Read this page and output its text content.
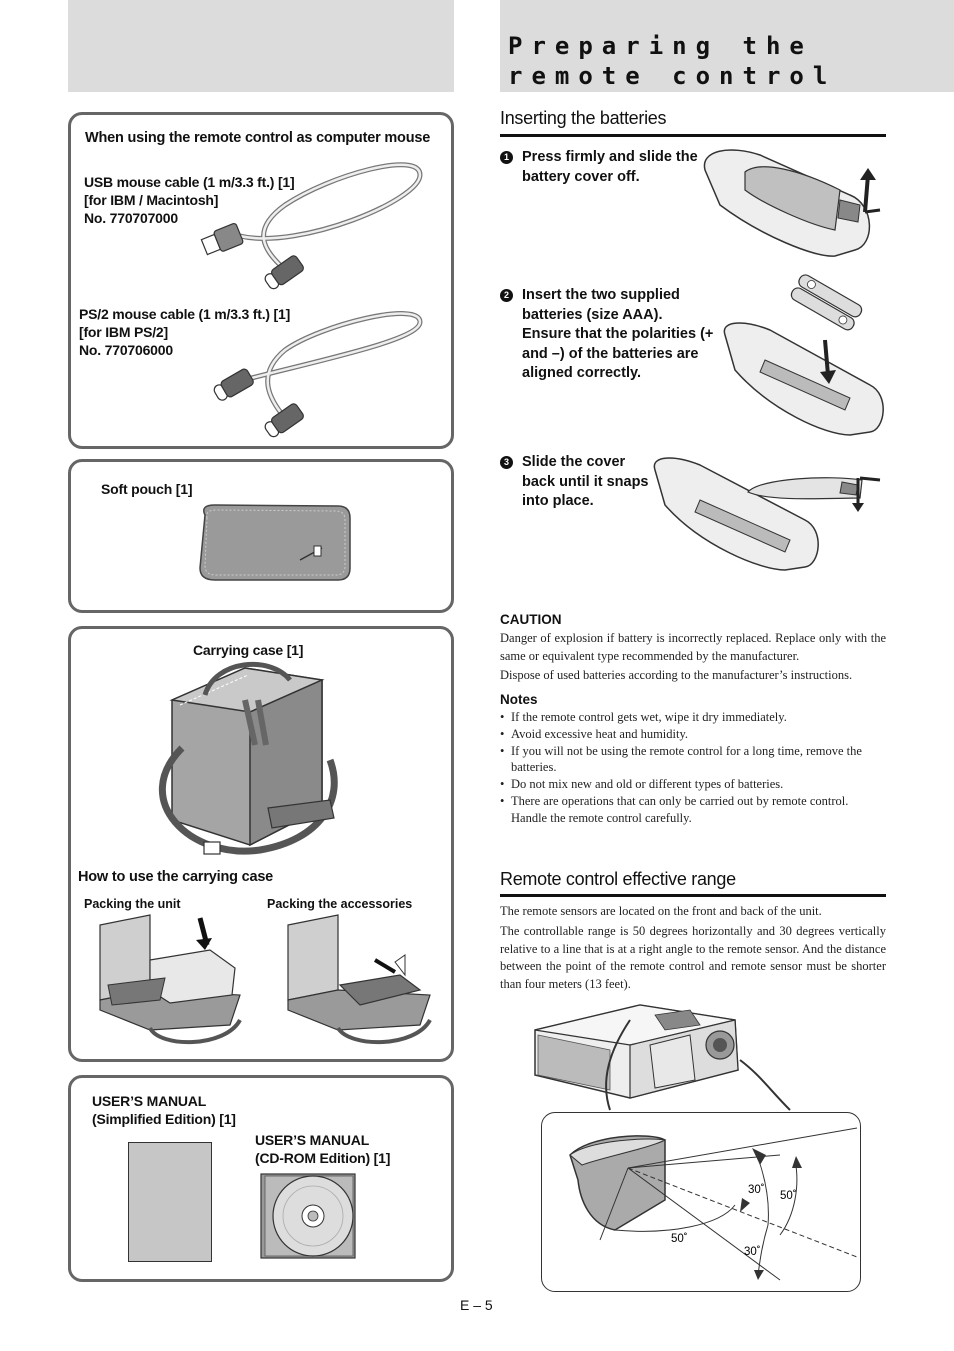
Preparing the
remote control
When using the remote control as computer mouse
USB mouse cable (1 m/3.3 ft.) [1]
[for IBM / Macintosh]
No. 770707000
PS/2 mouse cable (1 m/3.3 ft.) [1]
[for IBM PS/2]
No. 770706000
Soft pouch [1]
Carrying case [1]
How to use the carrying case
Packing the unit	Packing the accessories
USER’S MANUAL
(Simplified Edition) [1]
USER’S MANUAL
(CD-ROM Edition) [1]
Inserting the batteries
1 Press firmly and slide the battery cover off.
2 Insert the two supplied batteries (size AAA). Ensure that the polarities (+ and –) of the batteries are aligned correctly.
3 Slide the cover back until it snaps into place.
CAUTION
Danger of explosion if battery is incorrectly replaced. Replace only with the same or equivalent type recommended by the manufacturer.
Dispose of used batteries according to the manufacturer’s instructions.
Notes
• If the remote control gets wet, wipe it dry immediately.
• Avoid excessive heat and humidity.
• If you will not be using the remote control for a long time, remove the batteries.
• Do not mix new and old or different types of batteries.
• There are operations that can only be carried out by remote control. Handle the remote control carefully.
Remote control effective range
The remote sensors are located on the front and back of the unit.
The controllable range is 50 degrees horizontally and 30 degrees vertically relative to a line that is at a right angle to the remote sensor. And the distance between the point of the remote control and remote sensor must be shorter than four meters (13 feet).
30˚ 50˚
50˚
30˚
E – 5
